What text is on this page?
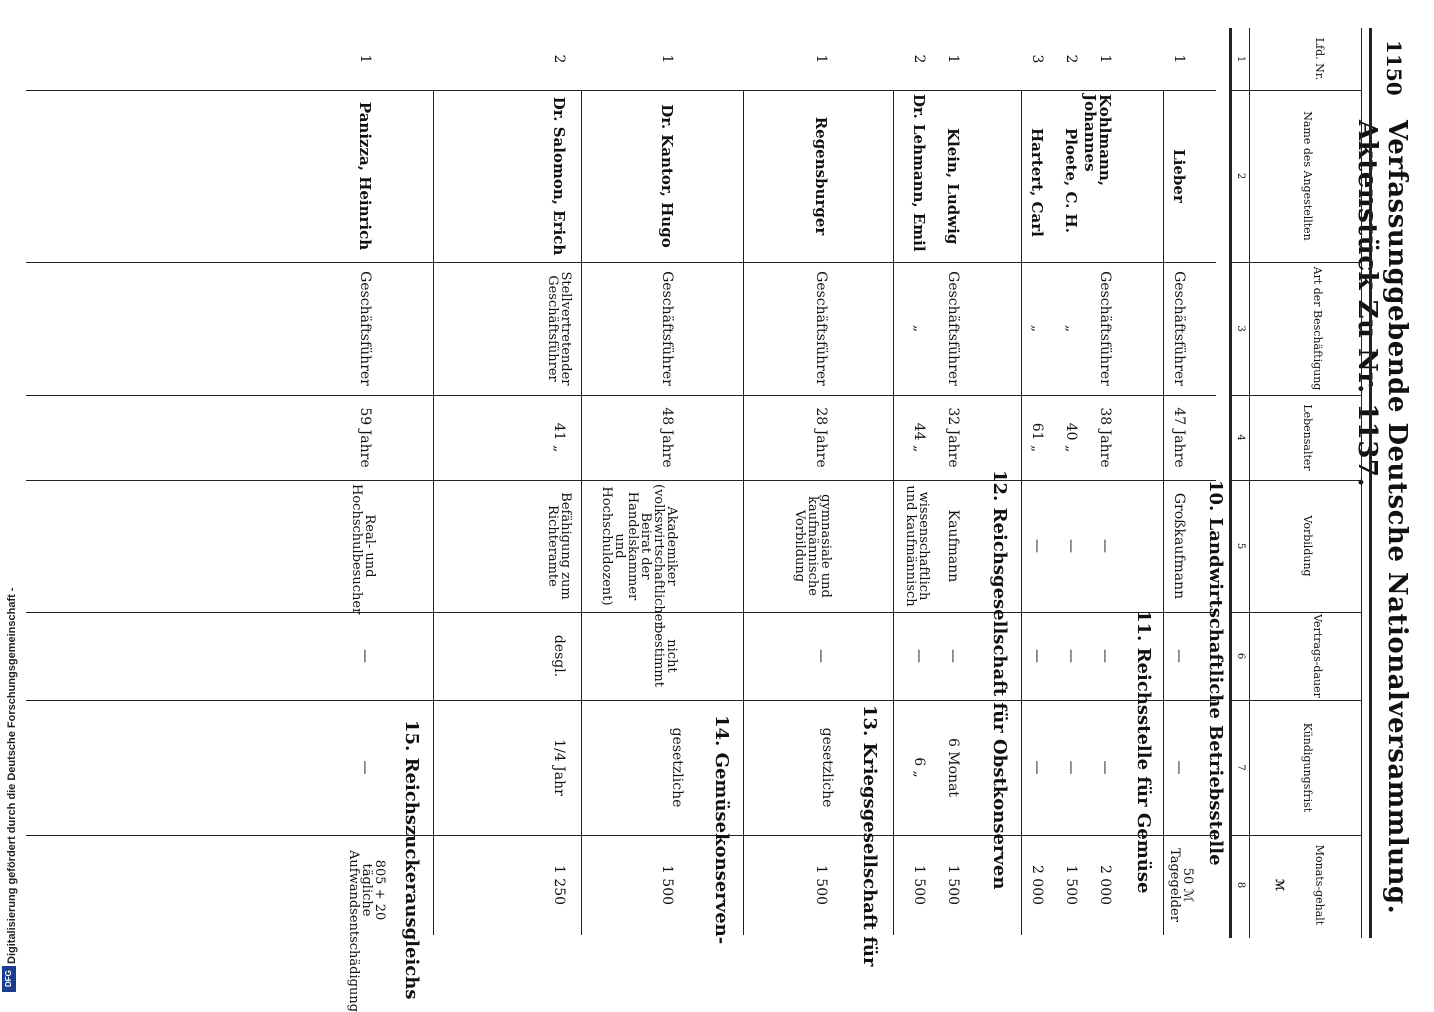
1150
Verfassunggebende Deutsche Nationalversammlung. Aktenstück Zu Nr. 1137.
Lfd. Nr.
Name des Angestellten
Art der Beschäftigung
Lebensalter
Vorbildung
Vertrags-dauer
Kündigungsfrist
Monats-gehalt
ℳ
1
2
3
4
5
6
7
8
10. Landwirtschaftliche Betriebsstelle
1
Lieber
Geschäftsführer
47 Jahre
Großkaufmann
—
—
50 ℳ Tagegelder
11. Reichsstelle für Gemüse
1
Kohlmann, Johannes
Geschäftsführer
38 Jahre
—
—
—
2 000
2
Ploete, C. H.
„
40 „
—
—
—
1 500
3
Hartert, Carl
„
61 „
—
—
—
2 000
12. Reichsgesellschaft für Obstkonserven
1
Klein, Ludwig
Geschäftsführer
32 Jahre
Kaufmann
—
6 Monat
1 500
2
Dr. Lehmann, Emil
„
44 „
wissenschaftlich und kaufmännisch
—
6 „
1 500
13. Kriegsgesellschaft für
1
Regensburger
Geschäftsführer
28 Jahre
gymnasiale und kaufmännische Vorbildung
—
gesetzliche
1 500
14. Gemüsekonserven-
1
Dr. Kantor, Hugo
Geschäftsführer
48 Jahre
Akademiker (volkswirtschaftlicher Beirat der Handelskammer und Hochschuldozent)
nicht bestimmt
gesetzliche
1 500
2
Dr. Salomon, Erich
Stellvertretender Geschäftsführer
41 „
Befähigung zum Richteramte
desgl.
1/4 Jahr
1 250
15. Reichszuckerausgleichs
1
Panizza, Heinrich
Geschäftsführer
59 Jahre
Real- und Hochschulbesucher
—
—
805 + 20 tägliche Aufwandsentschädigung
Digitalisierung gefördert durch die Deutsche Forschungsgemeinschaft -
DFG
